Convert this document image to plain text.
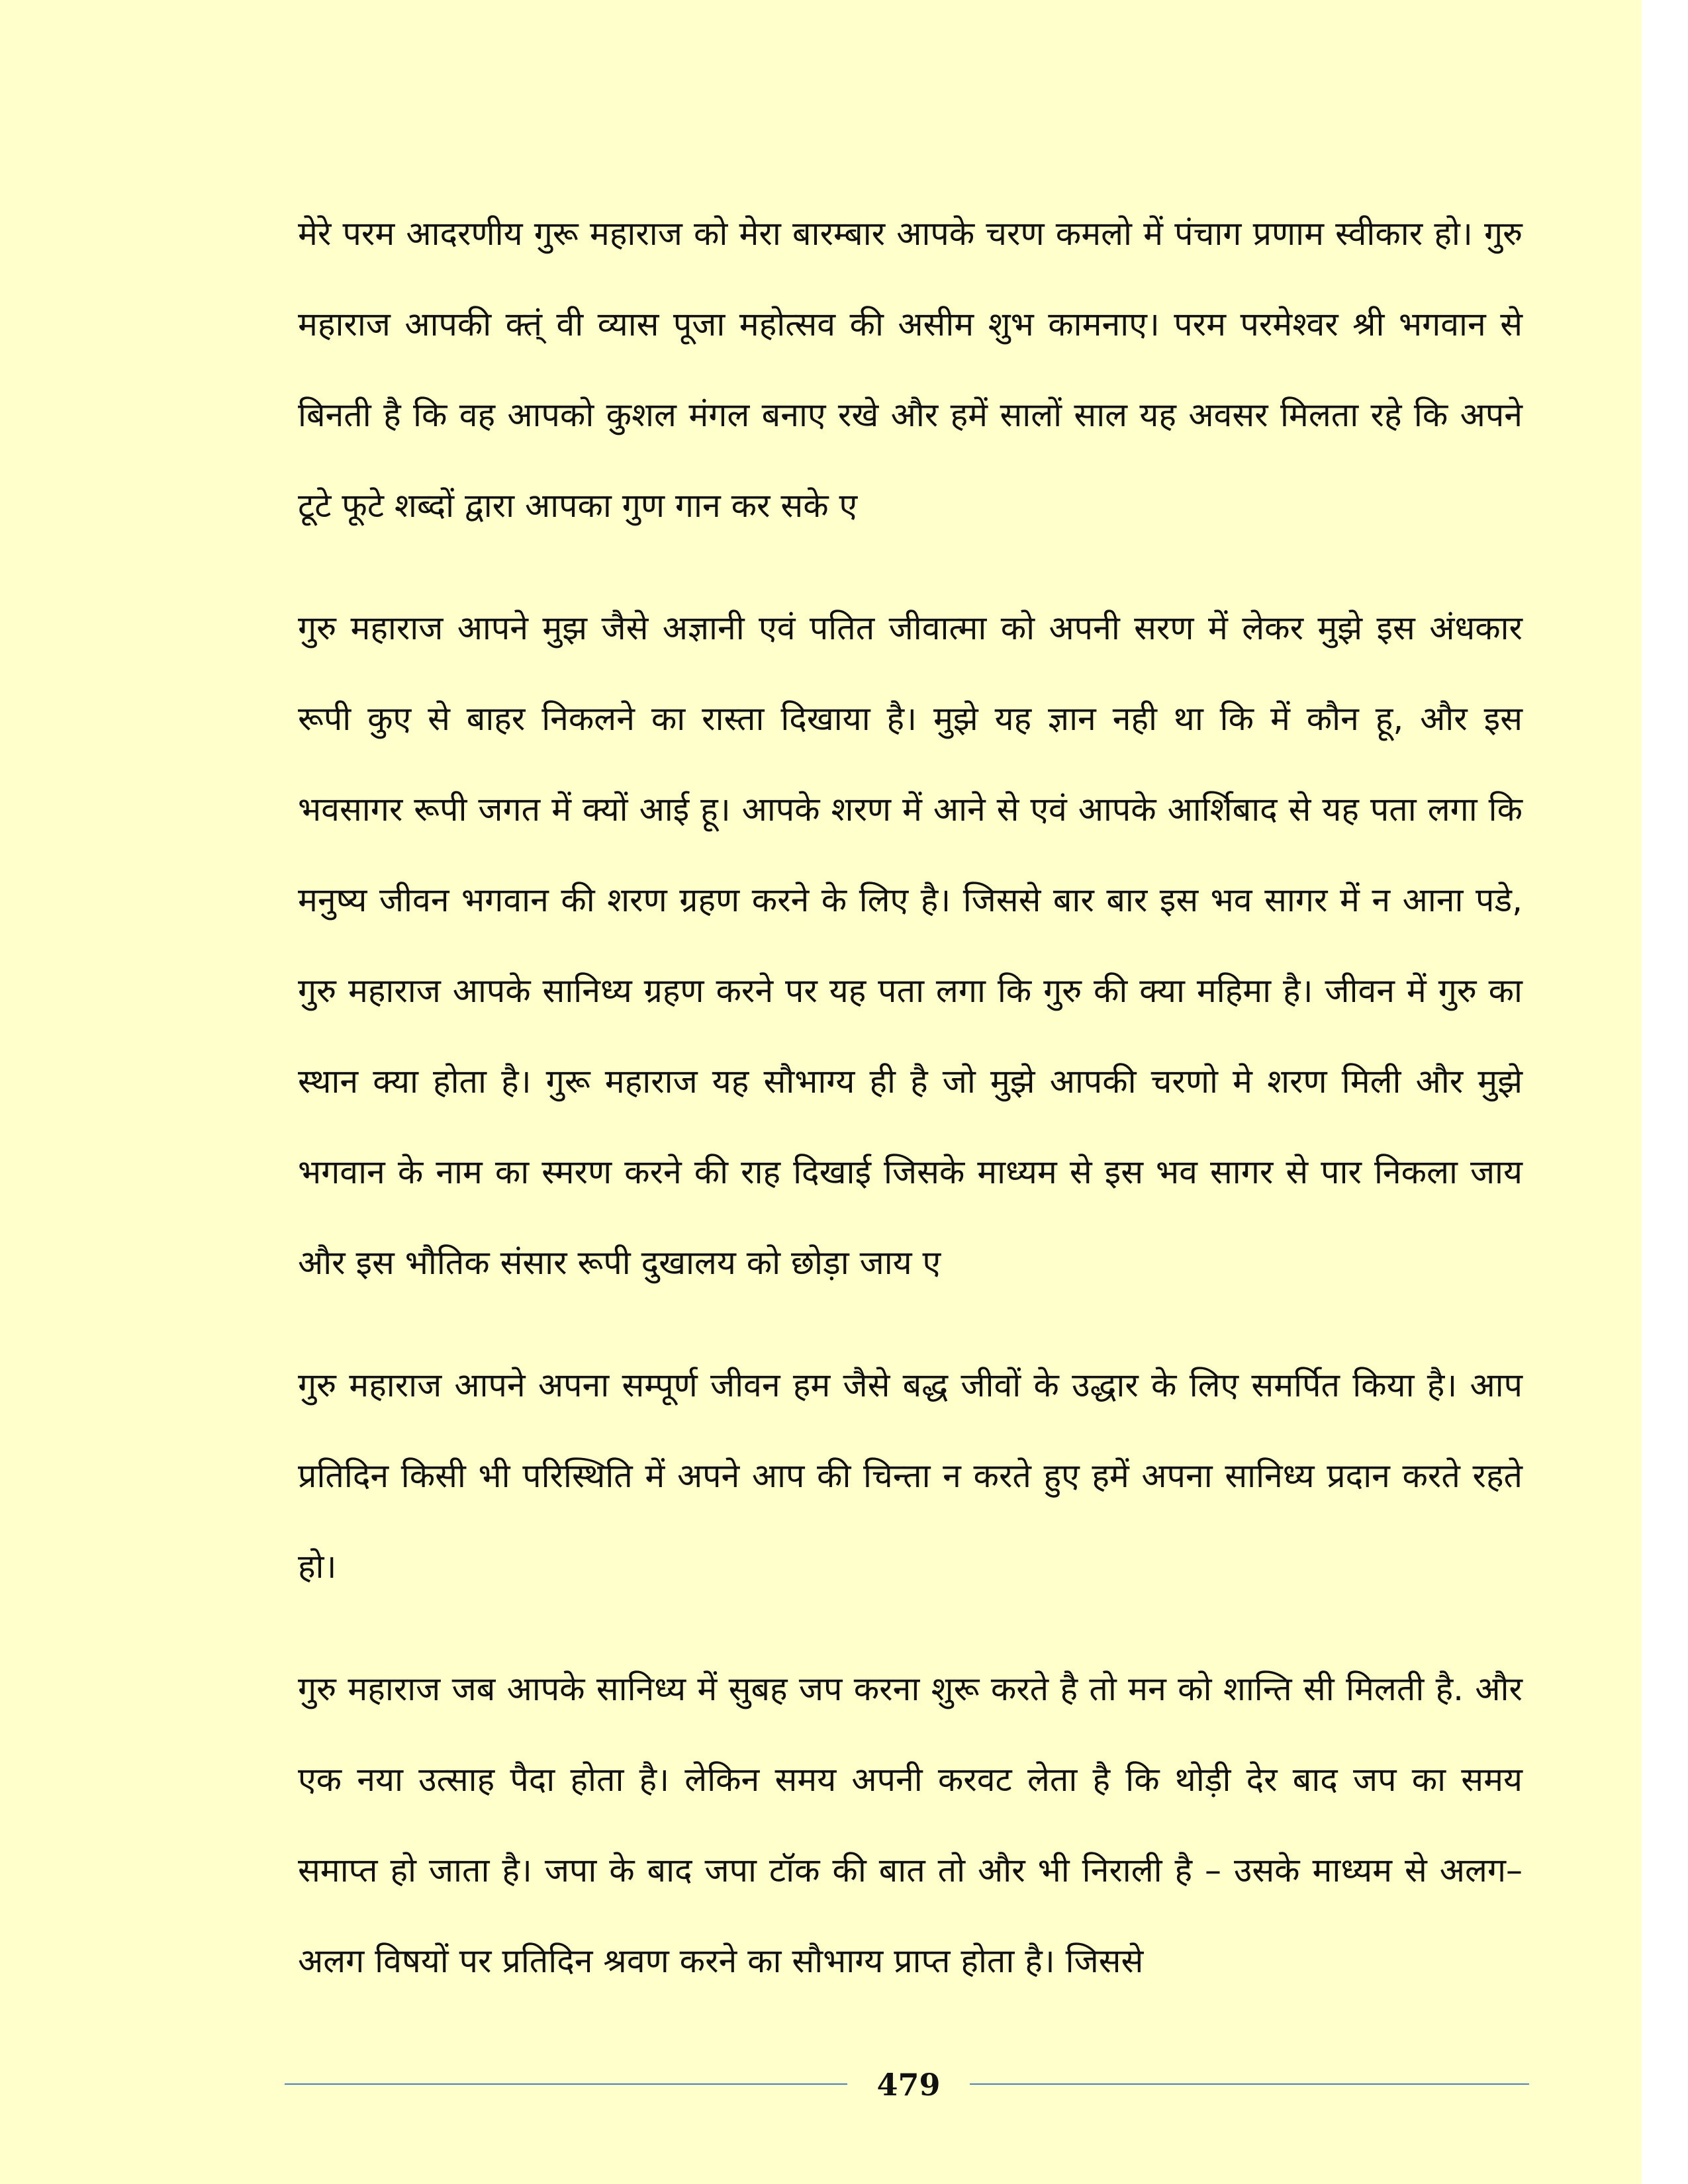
मेरे परम आदरणीय गुरू महाराज को मेरा बारम्बार आपके चरण कमलो में पंचाग प्रणाम स्वीकार हो। गुरु महाराज आपकी क्त्ं वी व्यास पूजा महोत्सव की असीम शुभ कामनाए। परम परमेश्वर श्री भगवान से बिनती है कि वह आपको कुशल मंगल बनाए रखे और हमें सालों साल यह अवसर मिलता रहे कि अपने टूटे फूटे शब्दों द्वारा आपका गुण गान कर सके ए

गुरु महाराज आपने मुझ जैसे अज्ञानी एवं पतित जीवात्मा को अपनी सरण में लेकर मुझे इस अंधकार रूपी कुए से बाहर निकलने का रास्ता दिखाया है। मुझे यह ज्ञान नही था कि में कौन हू, और इस भवसागर रूपी जगत में क्यों आई हू। आपके शरण में आने से एवं आपके आर्शिबाद से यह पता लगा कि मनुष्य जीवन भगवान की शरण ग्रहण करने के लिए है। जिससे बार बार इस भव सागर में न आना पडे, गुरु महाराज आपके सानिध्य ग्रहण करने पर यह पता लगा कि गुरु की क्या महिमा है। जीवन में गुरु का स्थान क्या होता है। गुरू महाराज यह सौभाग्य ही है जो मुझे आपकी चरणो मे शरण मिली और मुझे भगवान के नाम का स्मरण करने की राह दिखाई जिसके माध्यम से इस भव सागर से पार निकला जाय और इस भौतिक संसार रूपी दुखालय को छोड़ा जाय ए

गुरु महाराज आपने अपना सम्पूर्ण जीवन हम जैसे बद्ध जीवों के उद्धार के लिए समर्पित किया है। आप प्रतिदिन किसी भी परिस्थिति में अपने आप की चिन्ता न करते हुए हमें अपना सानिध्य प्रदान करते रहते हो।

गुरु महाराज जब आपके सानिध्य में सुबह जप करना शुरू करते है तो मन को शान्ति सी मिलती है. और एक नया उत्साह पैदा होता है। लेकिन समय अपनी करवट लेता है कि थोड़ी देर बाद जप का समय समाप्त हो जाता है। जपा के बाद जपा टॉक की बात तो और भी निराली है – उसके माध्यम से अलग–अलग विषयों पर प्रतिदिन श्रवण करने का सौभाग्य प्राप्त होता है। जिससे

479
